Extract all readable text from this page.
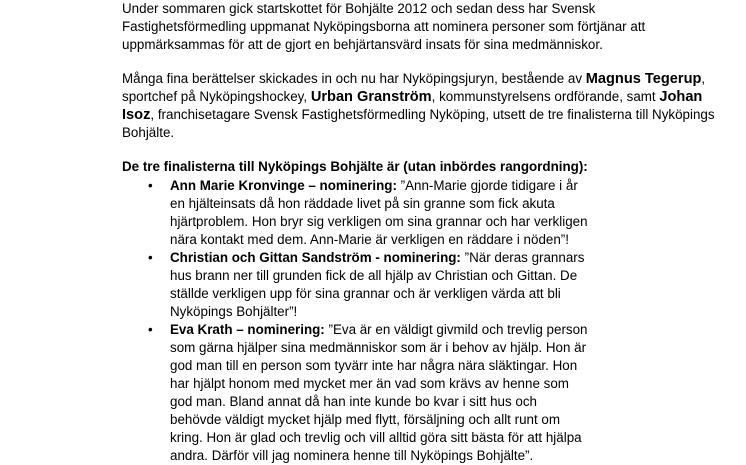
Under sommaren gick startskottet för Bohjälte 2012 och sedan dess har Svensk Fastighetsförmedling uppmanat Nyköpingsborna att nominera personer som förtjänar att uppmärksammas för att de gjort en behjärtansvärd insats för sina medmänniskor.

Många fina berättelser skickades in och nu har Nyköpingsjuryn, bestående av Magnus Tegerup, sportchef på Nyköpingshockey, Urban Granström, kommunstyrelsens ordförande, samt Johan Isoz, franchisetagare Svensk Fastighetsförmedling Nyköping, utsett de tre finalisterna till Nyköpings Bohjälte.

De tre finalisterna till Nyköpings Bohjälte är (utan inbördes rangordning):

• Ann Marie Kronvinge – nominering: ”Ann-Marie gjorde tidigare i år en hjälteinsats då hon räddade livet på sin granne som fick akuta hjärtproblem. Hon bryr sig verkligen om sina grannar och har verkligen nära kontakt med dem. Ann-Marie är verkligen en räddare i nöden”!
• Christian och Gittan Sandström - nominering: ”När deras grannars hus brann ner till grunden fick de all hjälp av Christian och Gittan. De ställde verkligen upp för sina grannar och är verkligen värda att bli Nyköpings Bohjälter”!
• Eva Krath – nominering: ”Eva är en väldigt givmild och trevlig person som gärna hjälper sina medmänniskor som är i behov av hjälp. Hon är god man till en person som tyvärr inte har några nära släktingar. Hon har hjälpt honom med mycket mer än vad som krävs av henne som god man. Bland annat då han inte kunde bo kvar i sitt hus och behövde väldigt mycket hjälp med flytt, försäljning och allt runt om kring. Hon är glad och trevlig och vill alltid göra sitt bästa för att hjälpa andra. Därför vill jag nominera henne till Nyköpings Bohjälte”.
